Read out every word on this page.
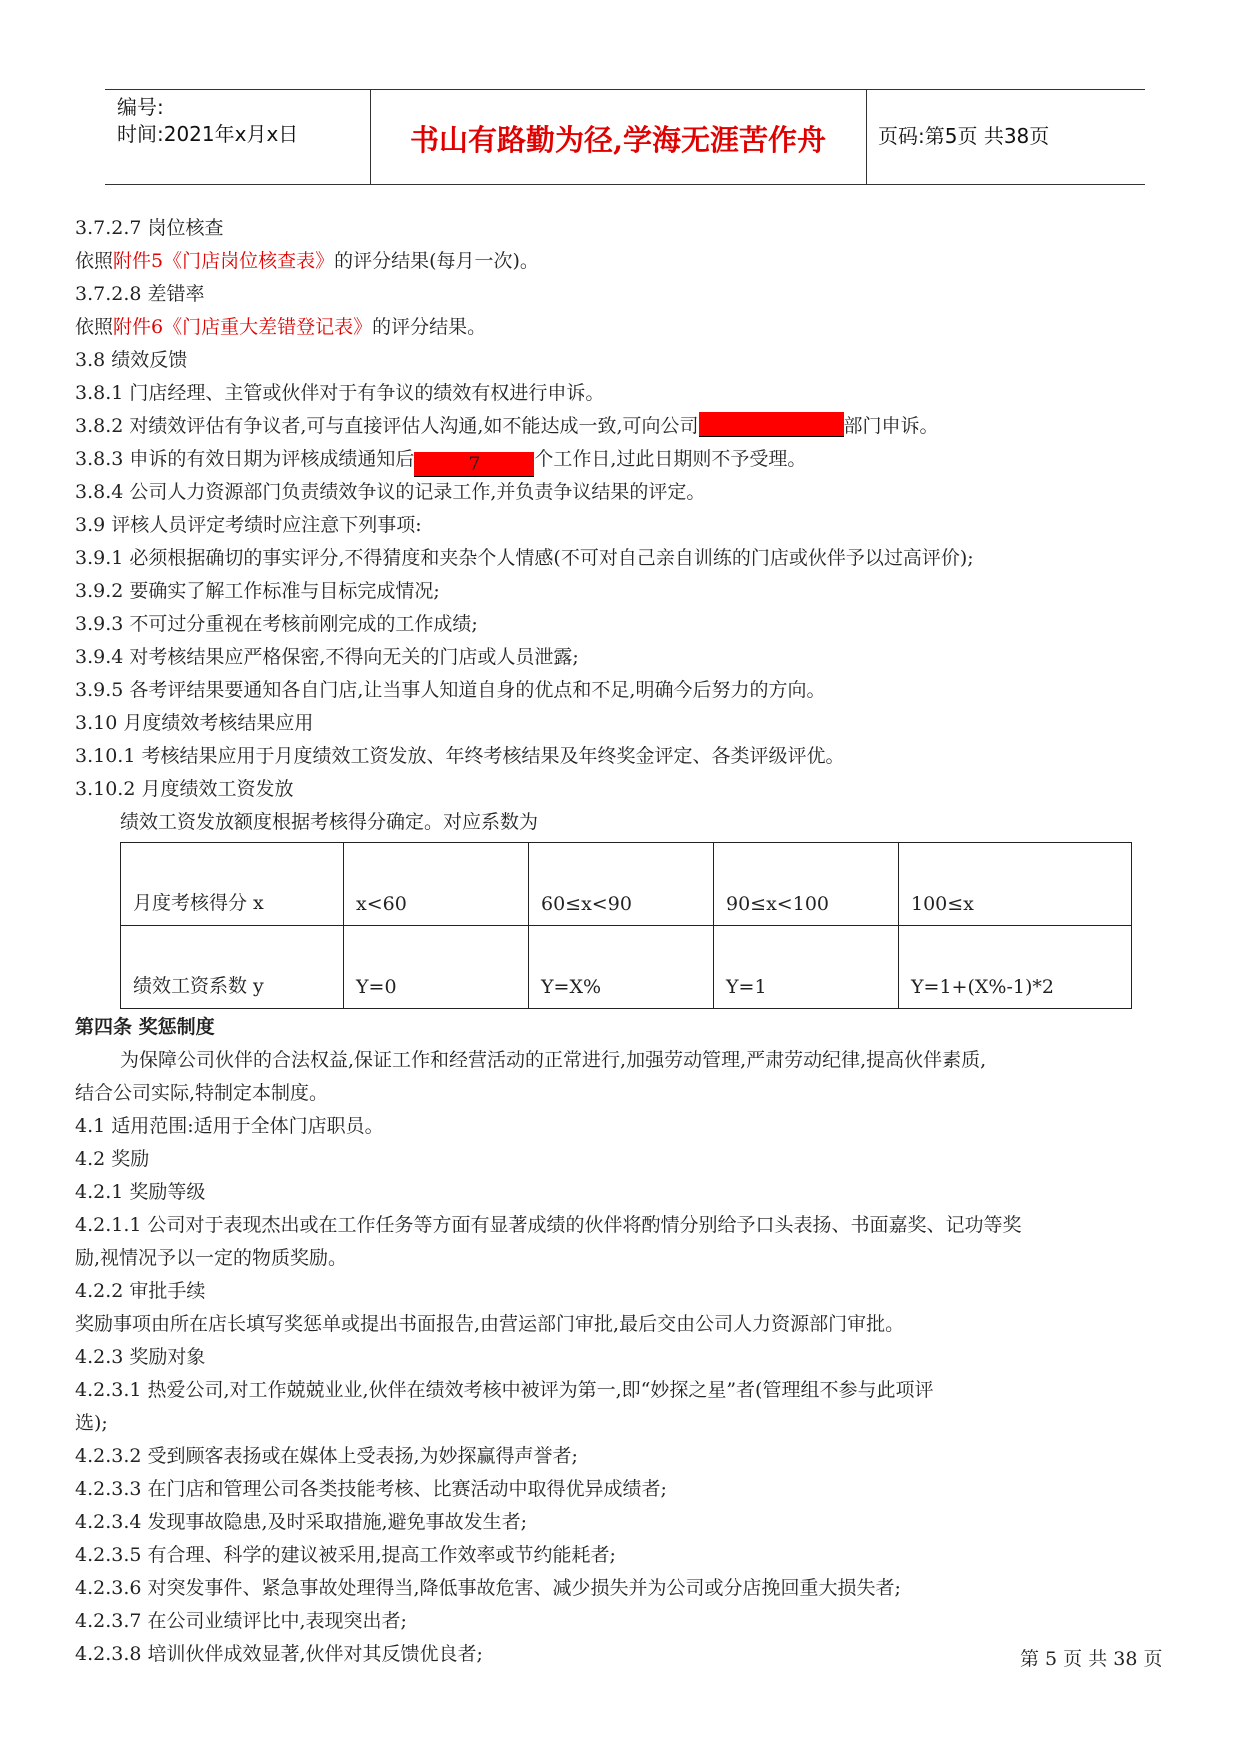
编号:
时间:2021年x月x日	书山有路勤为径,学海无涯苦作舟	页码:第5页 共38页
3.7.2.7 岗位核查
依照附件5《门店岗位核查表》的评分结果(每月一次)。
3.7.2.8 差错率
依照附件6《门店重大差错登记表》的评分结果。
3.8 绩效反馈
3.8.1 门店经理、主管或伙伴对于有争议的绩效有权进行申诉。
3.8.2 对绩效评估有争议者,可与直接评估人沟通,如不能达成一致,可向公司	部门申诉。
3.8.3 申诉的有效日期为评核成绩通知后	7	个工作日,过此日期则不予受理。
3.8.4 公司人力资源部门负责绩效争议的记录工作,并负责争议结果的评定。
3.9 评核人员评定考绩时应注意下列事项:
3.9.1 必须根据确切的事实评分,不得猜度和夹杂个人情感(不可对自己亲自训练的门店或伙伴予以过高评价);
3.9.2 要确实了解工作标准与目标完成情况;
3.9.3 不可过分重视在考核前刚完成的工作成绩;
3.9.4 对考核结果应严格保密,不得向无关的门店或人员泄露;
3.9.5 各考评结果要通知各自门店,让当事人知道自身的优点和不足,明确今后努力的方向。
3.10 月度绩效考核结果应用
3.10.1 考核结果应用于月度绩效工资发放、年终考核结果及年终奖金评定、各类评级评优。
3.10.2 月度绩效工资发放
绩效工资发放额度根据考核得分确定。对应系数为
月度考核得分 x	x<60	60≤x<90	90≤x<100	100≤x
绩效工资系数 y	Y=0	Y=X%	Y=1	Y=1+(X%-1)*2
第四条 奖惩制度
为保障公司伙伴的合法权益,保证工作和经营活动的正常进行,加强劳动管理,严肃劳动纪律,提高伙伴素质,
结合公司实际,特制定本制度。
4.1 适用范围:适用于全体门店职员。
4.2 奖励
4.2.1 奖励等级
4.2.1.1 公司对于表现杰出或在工作任务等方面有显著成绩的伙伴将酌情分别给予口头表扬、书面嘉奖、记功等奖
励,视情况予以一定的物质奖励。
4.2.2 审批手续
奖励事项由所在店长填写奖惩单或提出书面报告,由营运部门审批,最后交由公司人力资源部门审批。
4.2.3 奖励对象
4.2.3.1 热爱公司,对工作兢兢业业,伙伴在绩效考核中被评为第一,即“妙探之星”者(管理组不参与此项评
选);
4.2.3.2 受到顾客表扬或在媒体上受表扬,为妙探赢得声誉者;
4.2.3.3 在门店和管理公司各类技能考核、比赛活动中取得优异成绩者;
4.2.3.4 发现事故隐患,及时采取措施,避免事故发生者;
4.2.3.5 有合理、科学的建议被采用,提高工作效率或节约能耗者;
4.2.3.6 对突发事件、紧急事故处理得当,降低事故危害、减少损失并为公司或分店挽回重大损失者;
4.2.3.7 在公司业绩评比中,表现突出者;
4.2.3.8 培训伙伴成效显著,伙伴对其反馈优良者;	第 5 页 共 38 页
